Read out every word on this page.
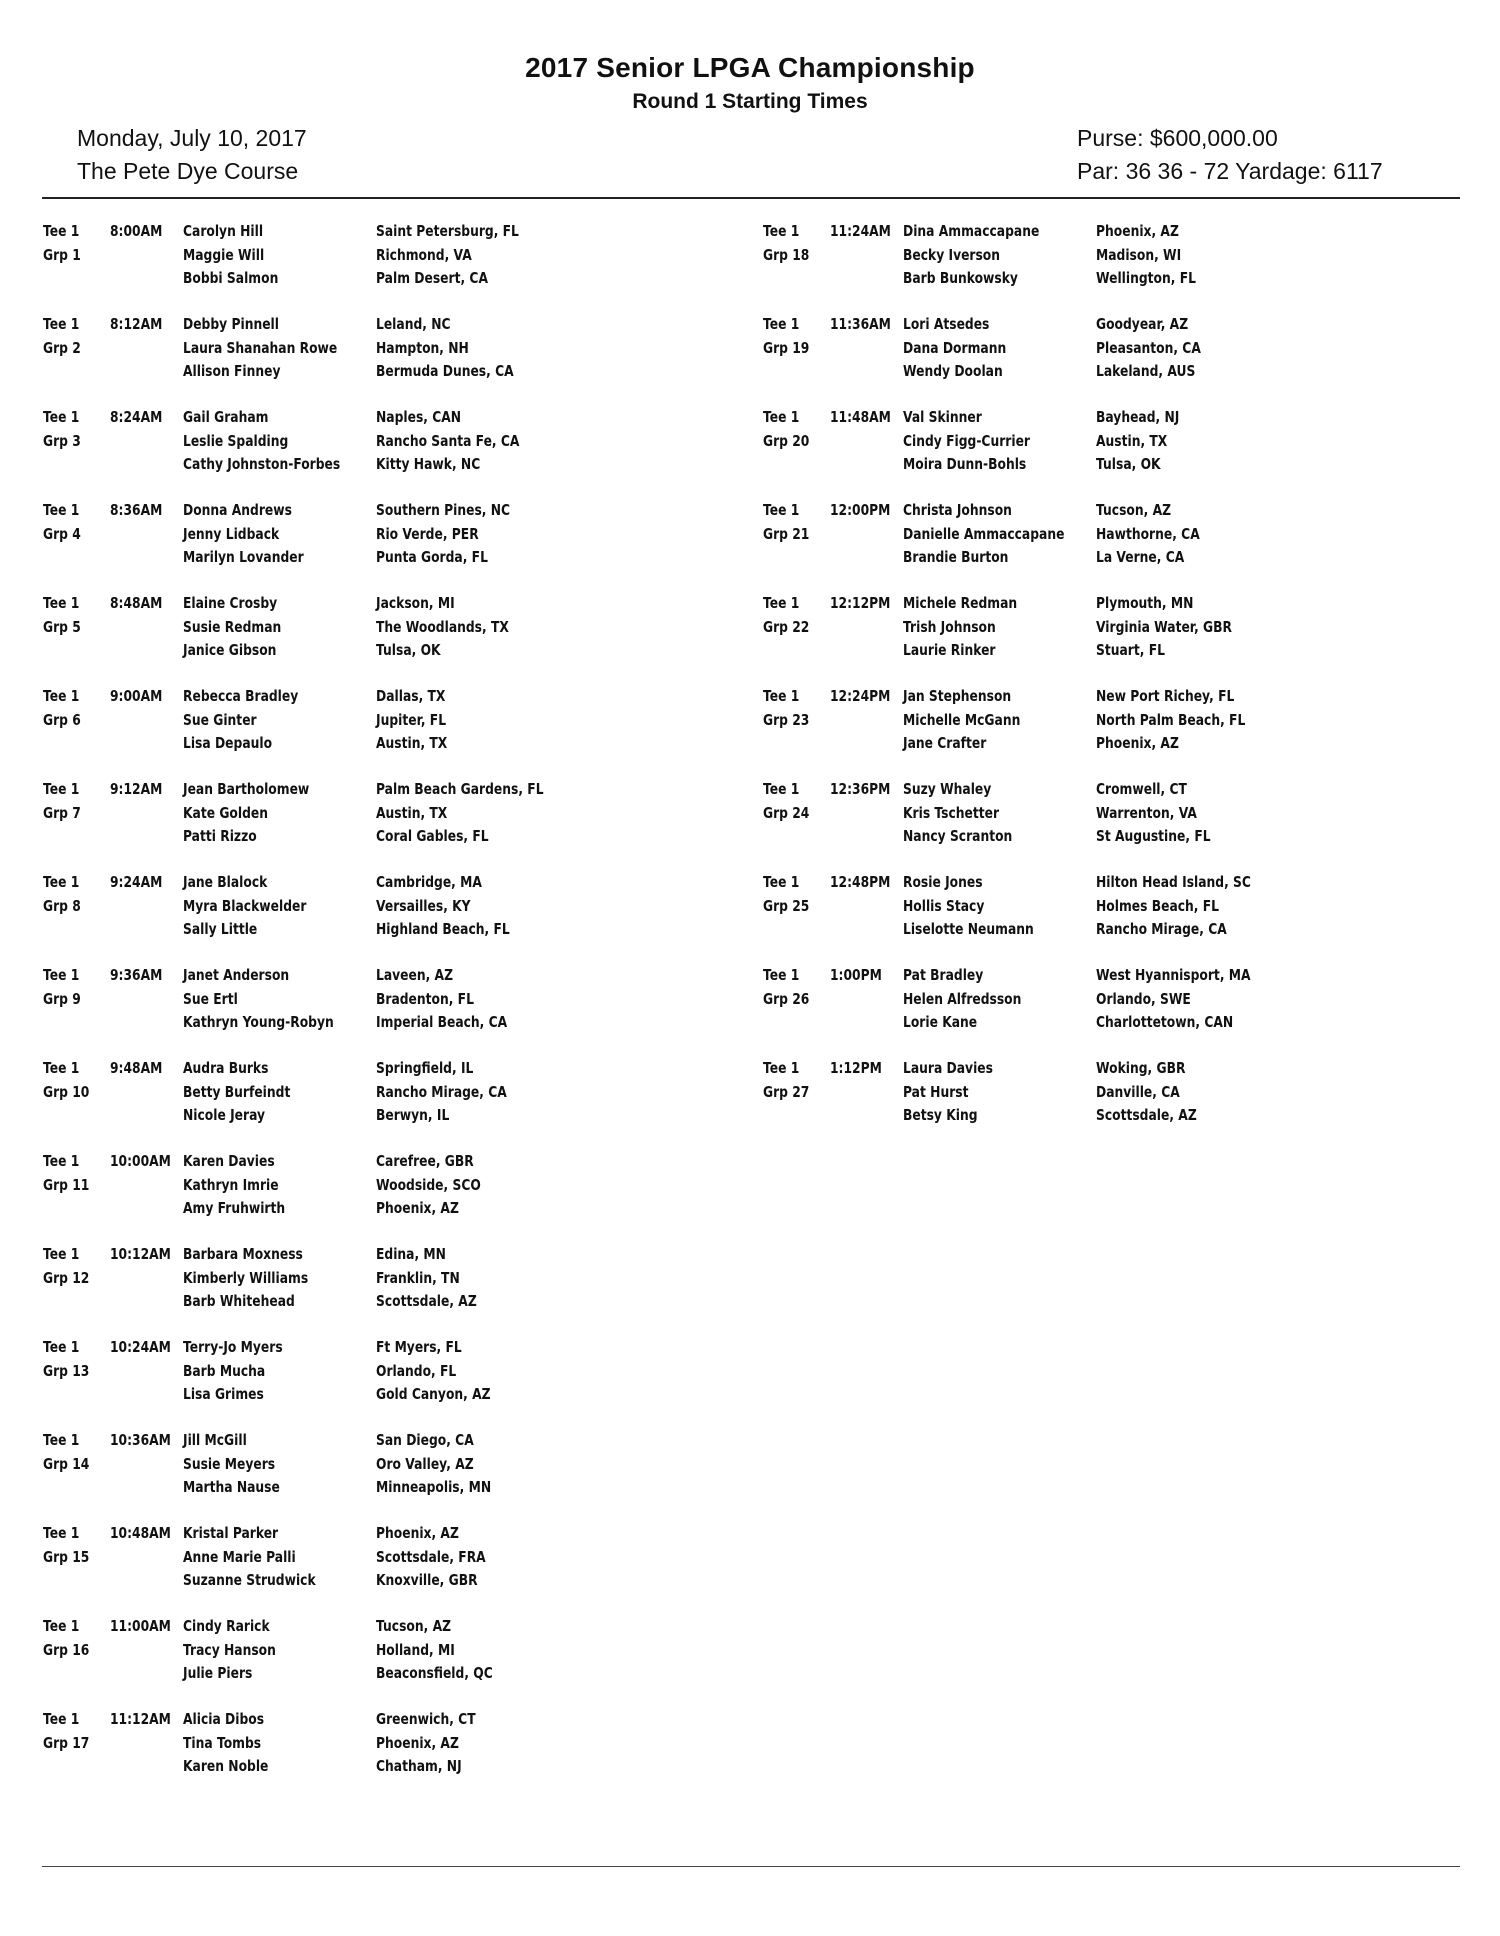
2017 Senior LPGA Championship
Round 1 Starting Times
Monday, July 10, 2017
The Pete Dye Course
Purse: $600,000.00
Par: 36 36 - 72 Yardage: 6117
Tee 1 8:00AM
Grp 1
Carolyn Hill
Maggie Will
Bobbi Salmon
Saint Petersburg, FL
Richmond, VA
Palm Desert, CA
Tee 1 8:12AM
Grp 2
Debby Pinnell
Laura Shanahan Rowe
Allison Finney
Leland, NC
Hampton, NH
Bermuda Dunes, CA
Tee 1 8:24AM
Grp 3
Gail Graham
Leslie Spalding
Cathy Johnston-Forbes
Naples, CAN
Rancho Santa Fe, CA
Kitty Hawk, NC
Tee 1 8:36AM
Grp 4
Donna Andrews
Jenny Lidback
Marilyn Lovander
Southern Pines, NC
Rio Verde, PER
Punta Gorda, FL
Tee 1 8:48AM
Grp 5
Elaine Crosby
Susie Redman
Janice Gibson
Jackson, MI
The Woodlands, TX
Tulsa, OK
Tee 1 9:00AM
Grp 6
Rebecca Bradley
Sue Ginter
Lisa Depaulo
Dallas, TX
Jupiter, FL
Austin, TX
Tee 1 9:12AM
Grp 7
Jean Bartholomew
Kate Golden
Patti Rizzo
Palm Beach Gardens, FL
Austin, TX
Coral Gables, FL
Tee 1 9:24AM
Grp 8
Jane Blalock
Myra Blackwelder
Sally Little
Cambridge, MA
Versailles, KY
Highland Beach, FL
Tee 1 9:36AM
Grp 9
Janet Anderson
Sue Ertl
Kathryn Young-Robyn
Laveen, AZ
Bradenton, FL
Imperial Beach, CA
Tee 1 9:48AM
Grp 10
Audra Burks
Betty Burfeindt
Nicole Jeray
Springfield, IL
Rancho Mirage, CA
Berwyn, IL
Tee 1 10:00AM
Grp 11
Karen Davies
Kathryn Imrie
Amy Fruhwirth
Carefree, GBR
Woodside, SCO
Phoenix, AZ
Tee 1 10:12AM
Grp 12
Barbara Moxness
Kimberly Williams
Barb Whitehead
Edina, MN
Franklin, TN
Scottsdale, AZ
Tee 1 10:24AM
Grp 13
Terry-Jo Myers
Barb Mucha
Lisa Grimes
Ft Myers, FL
Orlando, FL
Gold Canyon, AZ
Tee 1 10:36AM
Grp 14
Jill McGill
Susie Meyers
Martha Nause
San Diego, CA
Oro Valley, AZ
Minneapolis, MN
Tee 1 10:48AM
Grp 15
Kristal Parker
Anne Marie Palli
Suzanne Strudwick
Phoenix, AZ
Scottsdale, FRA
Knoxville, GBR
Tee 1 11:00AM
Grp 16
Cindy Rarick
Tracy Hanson
Julie Piers
Tucson, AZ
Holland, MI
Beaconsfield, QC
Tee 1 11:12AM
Grp 17
Alicia Dibos
Tina Tombs
Karen Noble
Greenwich, CT
Phoenix, AZ
Chatham, NJ
Tee 1 11:24AM
Grp 18
Dina Ammaccapane
Becky Iverson
Barb Bunkowsky
Phoenix, AZ
Madison, WI
Wellington, FL
Tee 1 11:36AM
Grp 19
Lori Atsedes
Dana Dormann
Wendy Doolan
Goodyear, AZ
Pleasanton, CA
Lakeland, AUS
Tee 1 11:48AM
Grp 20
Val Skinner
Cindy Figg-Currier
Moira Dunn-Bohls
Bayhead, NJ
Austin, TX
Tulsa, OK
Tee 1 12:00PM
Grp 21
Christa Johnson
Danielle Ammaccapane
Brandie Burton
Tucson, AZ
Hawthorne, CA
La Verne, CA
Tee 1 12:12PM
Grp 22
Michele Redman
Trish Johnson
Laurie Rinker
Plymouth, MN
Virginia Water, GBR
Stuart, FL
Tee 1 12:24PM
Grp 23
Jan Stephenson
Michelle McGann
Jane Crafter
New Port Richey, FL
North Palm Beach, FL
Phoenix, AZ
Tee 1 12:36PM
Grp 24
Suzy Whaley
Kris Tschetter
Nancy Scranton
Cromwell, CT
Warrenton, VA
St Augustine, FL
Tee 1 12:48PM
Grp 25
Rosie Jones
Hollis Stacy
Liselotte Neumann
Hilton Head Island, SC
Holmes Beach, FL
Rancho Mirage, CA
Tee 1 1:00PM
Grp 26
Pat Bradley
Helen Alfredsson
Lorie Kane
West Hyannisport, MA
Orlando, SWE
Charlottetown, CAN
Tee 1 1:12PM
Grp 27
Laura Davies
Pat Hurst
Betsy King
Woking, GBR
Danville, CA
Scottsdale, AZ
